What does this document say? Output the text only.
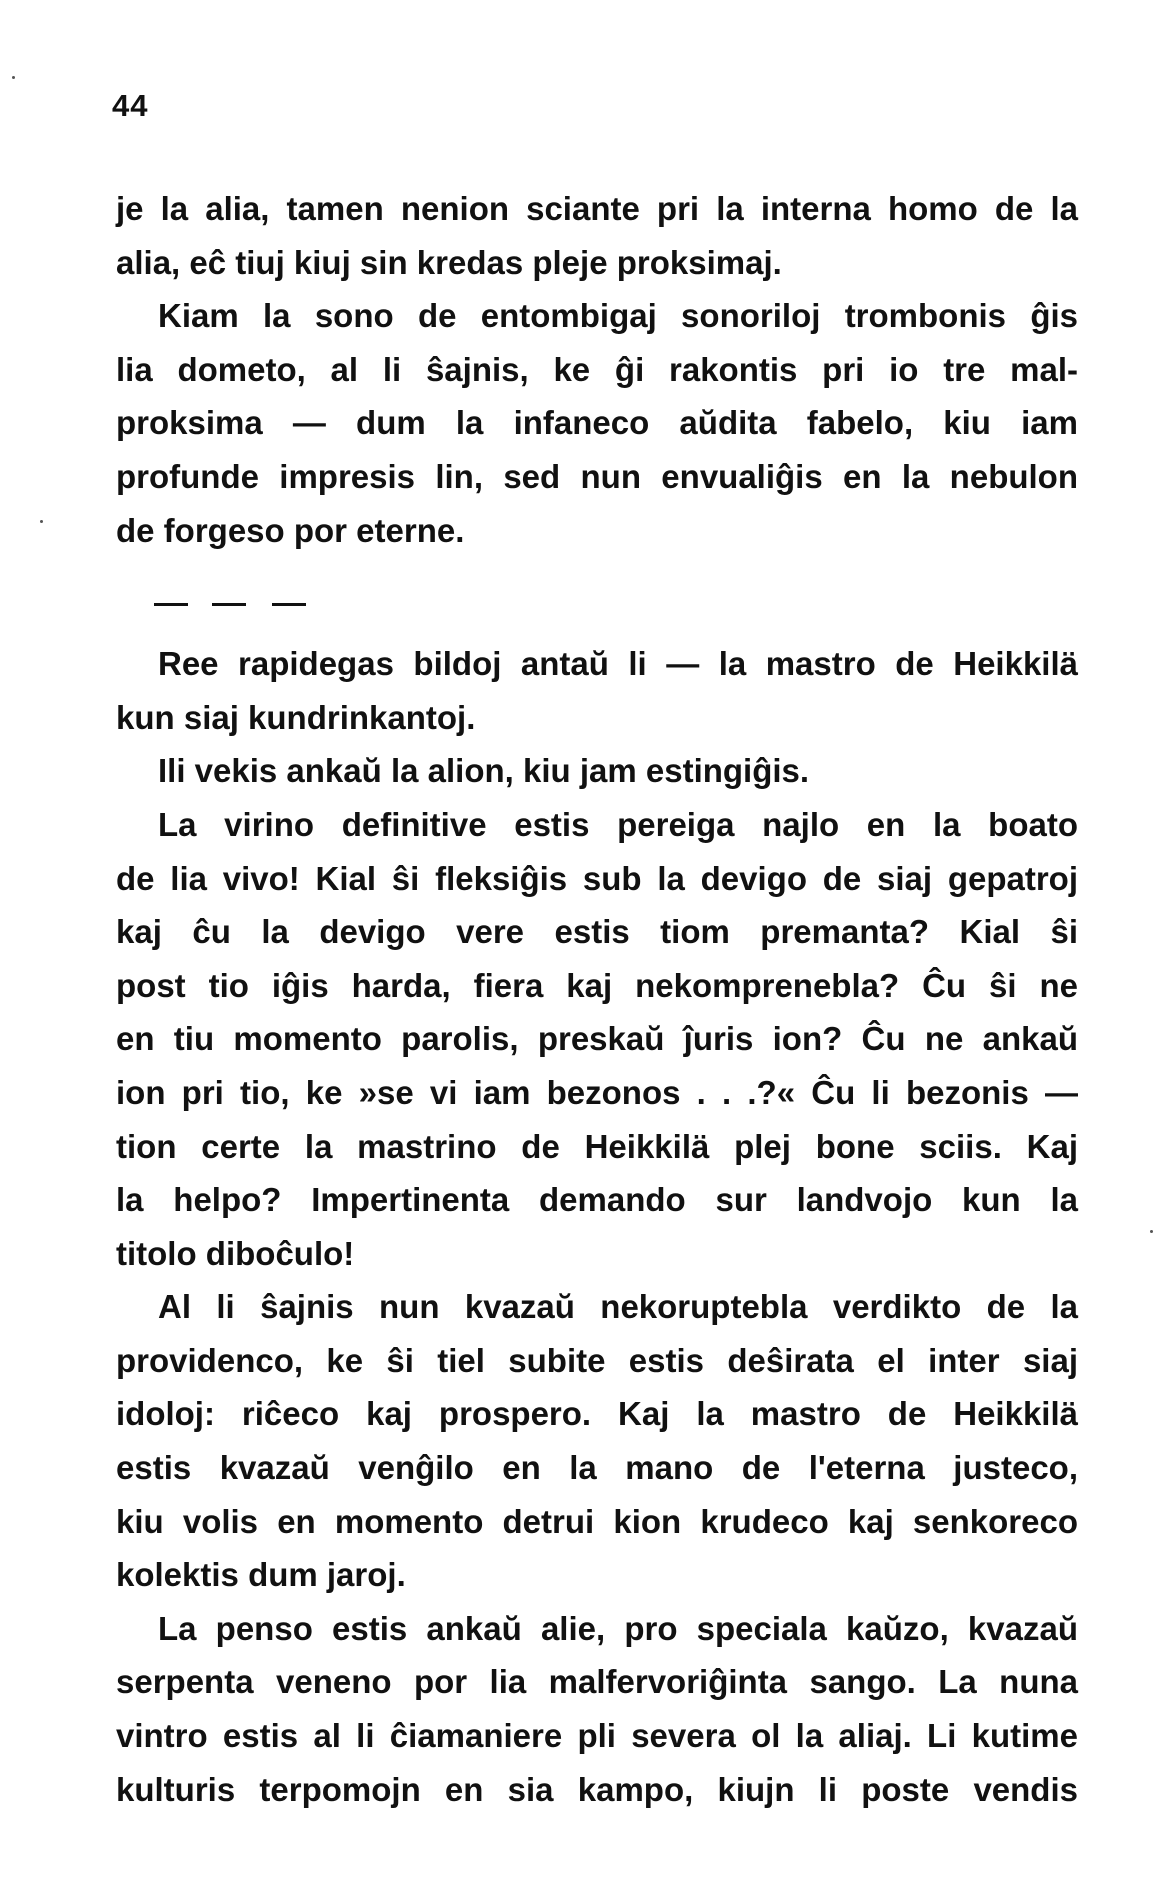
44
je la alia, tamen nenion sciante pri la interna homo de la
alia, eĉ tiuj kiuj sin kredas pleje proksimaj.
Kiam la sono de entombigaj sonoriloj trombonis ĝis
lia dometo, al li ŝajnis, ke ĝi rakontis pri io tre mal-
proksima — dum la infaneco aŭdita fabelo, kiu iam
profunde impresis lin, sed nun envualiĝis en la nebulon
de forgeso por eterne.
Ree rapidegas bildoj antaŭ li — la mastro de Heikkilä
kun siaj kundrinkantoj.
Ili vekis ankaŭ la alion, kiu jam estingiĝis.
La virino definitive estis pereiga najlo en la boato
de lia vivo! Kial ŝi fleksiĝis sub la devigo de siaj gepatroj
kaj ĉu la devigo vere estis tiom premanta? Kial ŝi
post tio iĝis harda, fiera kaj nekomprenebla? Ĉu ŝi ne
en tiu momento parolis, preskaŭ ĵuris ion? Ĉu ne ankaŭ
ion pri tio, ke »se vi iam bezonos . . .?« Ĉu li bezonis —
tion certe la mastrino de Heikkilä plej bone sciis. Kaj
la helpo? Impertinenta demando sur landvojo kun la
titolo diboĉulo!
Al li ŝajnis nun kvazaŭ nekoruptebla verdikto de la
providenco, ke ŝi tiel subite estis deŝirata el inter siaj
idoloj: riĉeco kaj prospero. Kaj la mastro de Heikkilä
estis kvazaŭ venĝilo en la mano de l'eterna justeco,
kiu volis en momento detrui kion krudeco kaj senkoreco
kolektis dum jaroj.
La penso estis ankaŭ alie, pro speciala kaŭzo, kvazaŭ
serpenta veneno por lia malfervoriĝinta sango. La nuna
vintro estis al li ĉiamaniere pli severa ol la aliaj. Li kutime
kulturis terpomojn en sia kampo, kiujn li poste vendis
